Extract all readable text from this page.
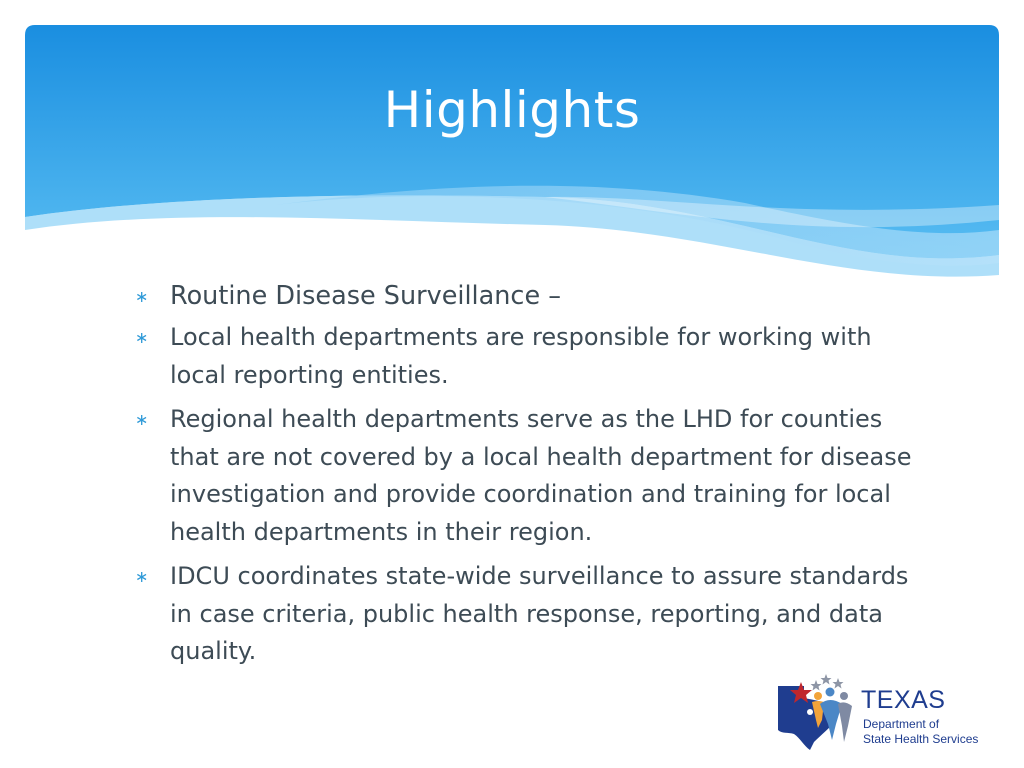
Highlights
∗ Routine Disease Surveillance –
∗ Local health departments are responsible for working with local reporting entities.
∗ Regional health departments serve as the LHD for counties that are not covered by a local health department for disease investigation and provide coordination and training for local health departments in their region.
∗ IDCU coordinates state-wide surveillance to assure standards in case criteria, public health response, reporting, and data quality.
TEXAS
Department of
State Health Services
